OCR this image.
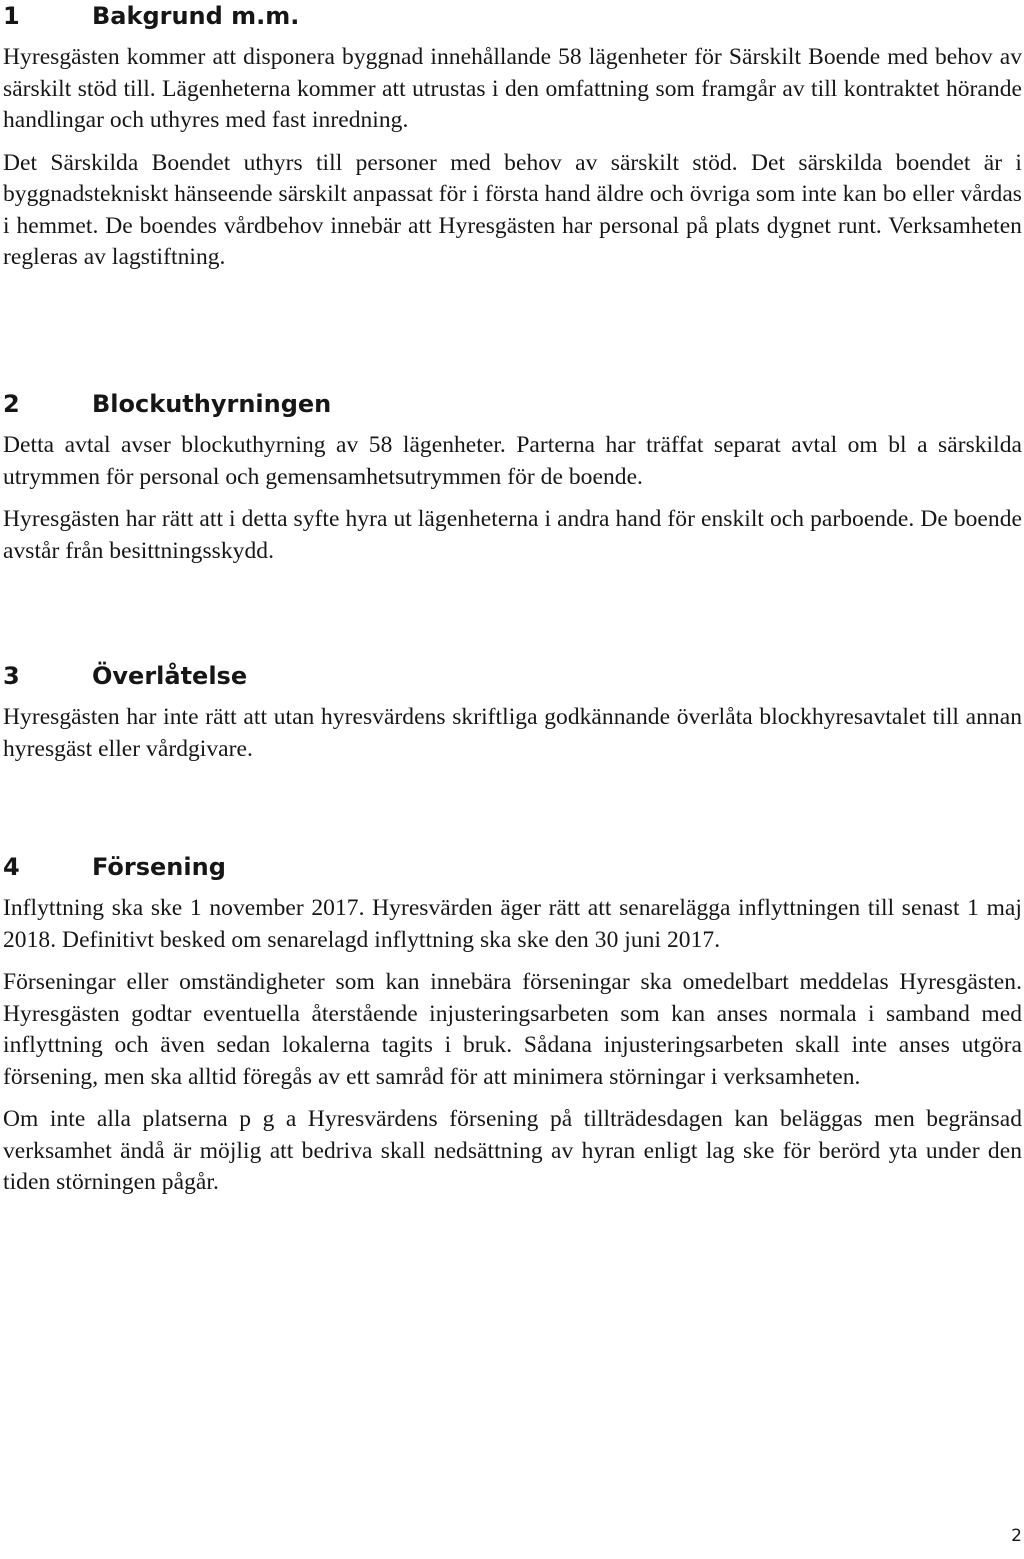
1	Bakgrund m.m.

Hyresgästen kommer att disponera byggnad innehållande 58 lägenheter för Särskilt Boende med behov av särskilt stöd till. Lägenheterna kommer att utrustas i den omfattning som framgår av till kontraktet hörande handlingar och uthyres med fast inredning.

Det Särskilda Boendet uthyrs till personer med behov av särskilt stöd. Det särskilda boendet är i byggnadstekniskt hänseende särskilt anpassat för i första hand äldre och övriga som inte kan bo eller vårdas i hemmet. De boendes vårdbehov innebär att Hyresgästen har personal på plats dygnet runt. Verksamheten regleras av lagstiftning.

2	Blockuthyrningen

Detta avtal avser blockuthyrning av 58 lägenheter. Parterna har träffat separat avtal om bl a särskilda utrymmen för personal och gemensamhetsutrymmen för de boende.

Hyresgästen har rätt att i detta syfte hyra ut lägenheterna i andra hand för enskilt och parboende. De boende avstår från besittningsskydd.

3	Överlåtelse

Hyresgästen har inte rätt att utan hyresvärdens skriftliga godkännande överlåta blockhyresavtalet till annan hyresgäst eller vårdgivare.

4	Försening

Inflyttning ska ske 1 november 2017. Hyresvärden äger rätt att senarelägga inflyttningen till senast 1 maj 2018. Definitivt besked om senarelagd inflyttning ska ske den 30 juni 2017.

Förseningar eller omständigheter som kan innebära förseningar ska omedelbart meddelas Hyresgästen. Hyresgästen godtar eventuella återstående injusteringsarbeten som kan anses normala i samband med inflyttning och även sedan lokalerna tagits i bruk. Sådana injusteringsarbeten skall inte anses utgöra försening, men ska alltid föregås av ett samråd för att minimera störningar i verksamheten.

Om inte alla platserna p g a Hyresvärdens försening på tillträdesdagen kan beläggas men begränsad verksamhet ändå är möjlig att bedriva skall nedsättning av hyran enligt lag ske för berörd yta under den tiden störningen pågår.

2
